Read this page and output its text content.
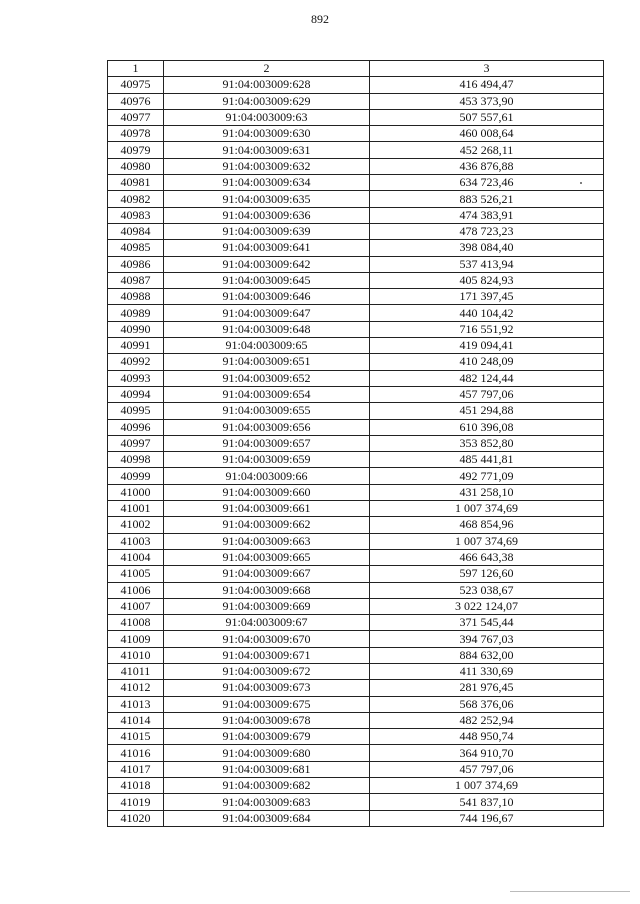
892
1	2	3
40975	91:04:003009:628	416 494,47
40976	91:04:003009:629	453 373,90
40977	91:04:003009:63	507 557,61
40978	91:04:003009:630	460 008,64
40979	91:04:003009:631	452 268,11
40980	91:04:003009:632	436 876,88
40981	91:04:003009:634	634 723,46
40982	91:04:003009:635	883 526,21
40983	91:04:003009:636	474 383,91
40984	91:04:003009:639	478 723,23
40985	91:04:003009:641	398 084,40
40986	91:04:003009:642	537 413,94
40987	91:04:003009:645	405 824,93
40988	91:04:003009:646	171 397,45
40989	91:04:003009:647	440 104,42
40990	91:04:003009:648	716 551,92
40991	91:04:003009:65	419 094,41
40992	91:04:003009:651	410 248,09
40993	91:04:003009:652	482 124,44
40994	91:04:003009:654	457 797,06
40995	91:04:003009:655	451 294,88
40996	91:04:003009:656	610 396,08
40997	91:04:003009:657	353 852,80
40998	91:04:003009:659	485 441,81
40999	91:04:003009:66	492 771,09
41000	91:04:003009:660	431 258,10
41001	91:04:003009:661	1 007 374,69
41002	91:04:003009:662	468 854,96
41003	91:04:003009:663	1 007 374,69
41004	91:04:003009:665	466 643,38
41005	91:04:003009:667	597 126,60
41006	91:04:003009:668	523 038,67
41007	91:04:003009:669	3 022 124,07
41008	91:04:003009:67	371 545,44
41009	91:04:003009:670	394 767,03
41010	91:04:003009:671	884 632,00
41011	91:04:003009:672	411 330,69
41012	91:04:003009:673	281 976,45
41013	91:04:003009:675	568 376,06
41014	91:04:003009:678	482 252,94
41015	91:04:003009:679	448 950,74
41016	91:04:003009:680	364 910,70
41017	91:04:003009:681	457 797,06
41018	91:04:003009:682	1 007 374,69
41019	91:04:003009:683	541 837,10
41020	91:04:003009:684	744 196,67
